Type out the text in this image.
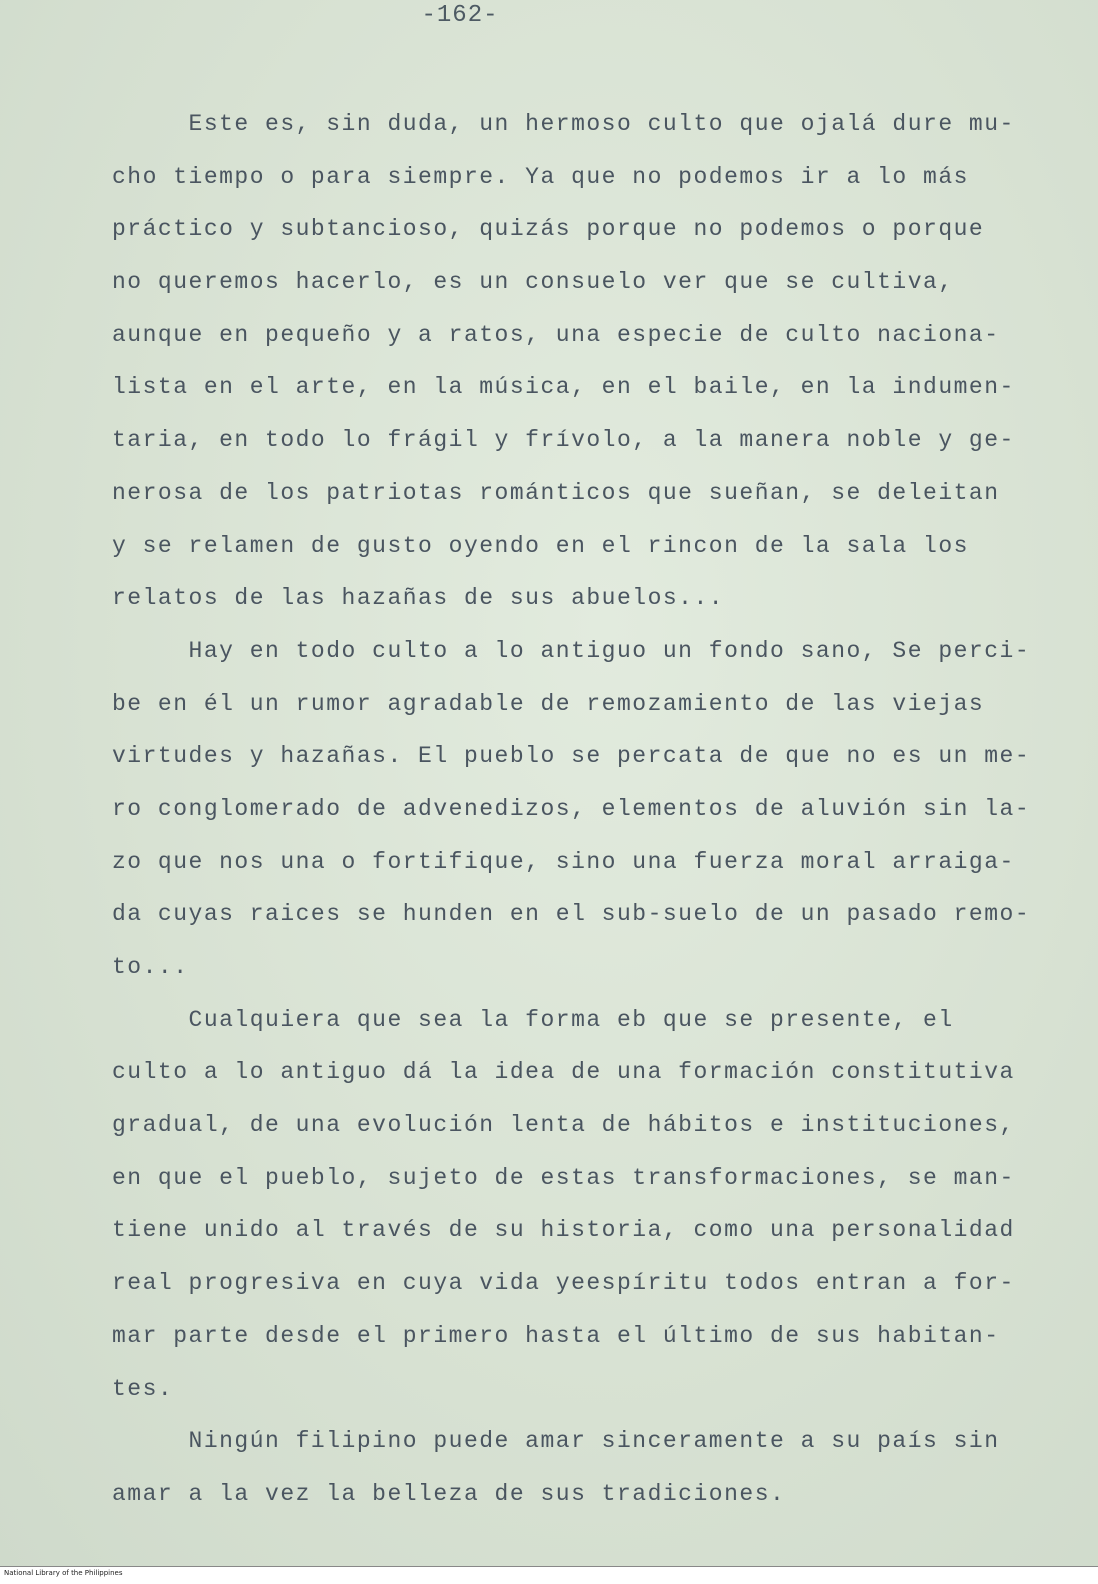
-162-
Este es, sin duda, un hermoso culto que ojalá dure mu-
cho tiempo o para siempre. Ya que no podemos ir a lo más
práctico y subtancioso, quizás porque no podemos o porque
no queremos hacerlo, es un consuelo ver que se cultiva,
aunque en pequeño y a ratos, una especie de culto naciona-
lista en el arte, en la música, en el baile, en la indumen-
taria, en todo lo frágil y frívolo, a la manera noble y ge-
nerosa de los patriotas románticos que sueñan, se deleitan
y se relamen de gusto oyendo en el rincon de la sala los
relatos de las hazañas de sus abuelos...
Hay en todo culto a lo antiguo un fondo sano, Se perci-
be en él un rumor agradable de remozamiento de las viejas
virtudes y hazañas. El pueblo se percata de que no es un me-
ro conglomerado de advenedizos, elementos de aluvión sin la-
zo que nos una o fortifique, sino una fuerza moral arraiga-
da cuyas raices se hunden en el sub-suelo de un pasado remo-
to...
Cualquiera que sea la forma eb que se presente, el
culto a lo antiguo dá la idea de una formación constitutiva
gradual, de una evolución lenta de hábitos e instituciones,
en que el pueblo, sujeto de estas transformaciones, se man-
tiene unido al través de su historia, como una personalidad
real progresiva en cuya vida yeespíritu todos entran a for-
mar parte desde el primero hasta el último de sus habitan-
tes.
Ningún filipino puede amar sinceramente a su país sin
amar a la vez la belleza de sus tradiciones.
National Library of the Philippines
